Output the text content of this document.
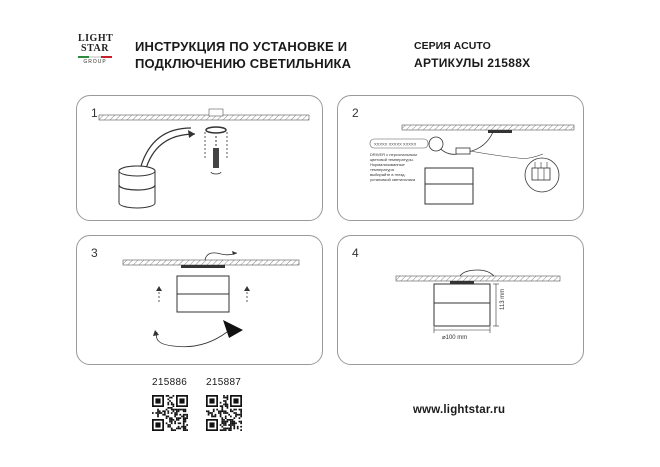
LIGHT
STAR
GROUP
ИНСТРУКЦИЯ ПО УСТАНОВКЕ И
ПОДКЛЮЧЕНИЮ СВЕТИЛЬНИКА
СЕРИЯ ACUTO
АРТИКУЛЫ 21588X
1	2
XXXXX XXXXX XXXXX
DRIVER с персональным
цветовой температуры.
Нормализованные
температура
выбирайте в гнезд.
установкой светильника
3	4
113 mm
⌀100 mm
215886 215887
www.lightstar.ru
